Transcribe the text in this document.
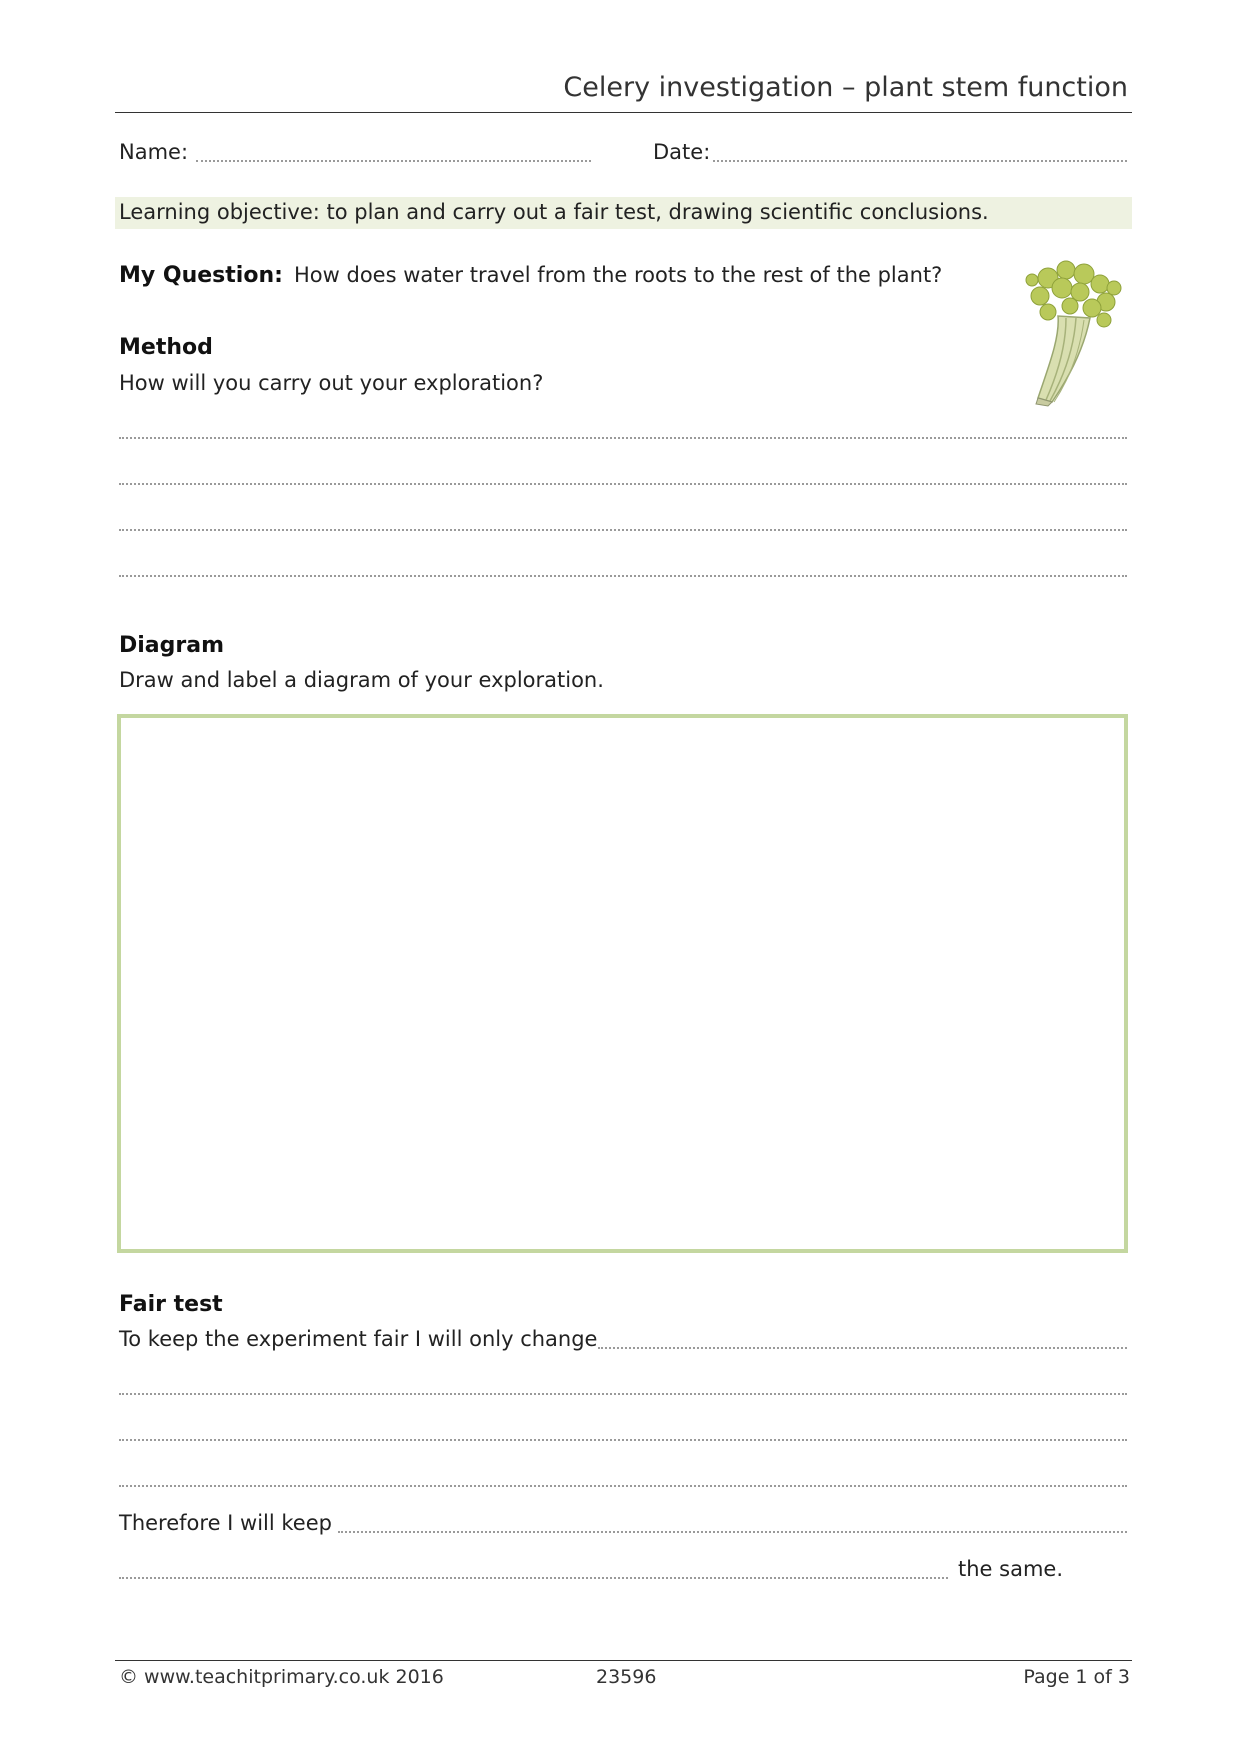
Celery investigation – plant stem function
Name:	Date:
Learning objective: to plan and carry out a fair test, drawing scientific conclusions.
My Question: How does water travel from the roots to the rest of the plant?
Method
How will you carry out your exploration?
Diagram
Draw and label a diagram of your exploration.
Fair test
To keep the experiment fair I will only change
Therefore I will keep
the same.
© www.teachitprimary.co.uk 2016	23596	Page 1 of 3
